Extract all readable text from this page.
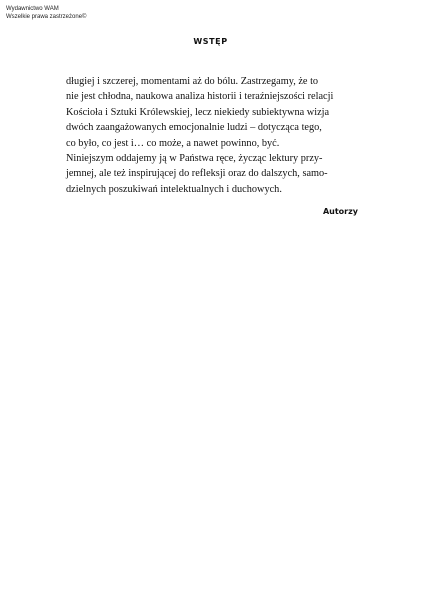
Wydawnictwo WAM
Wszelkie prawa zastrzeżone©
WSTĘP

długiej i szczerej, momentami aż do bólu. Zastrzegamy, że to
nie jest chłodna, naukowa analiza historii i teraźniejszości relacji
Kościoła i Sztuki Królewskiej, lecz niekiedy subiektywna wizja
dwóch zaangażowanych emocjonalnie ludzi – dotycząca tego,
co było, co jest i… co może, a nawet powinno, być.

Niniejszym oddajemy ją w Państwa ręce, życząc lektury przy-
jemnej, ale też inspirującej do refleksji oraz do dalszych, samo-
dzielnych poszukiwań intelektualnych i duchowych.

Autorzy
